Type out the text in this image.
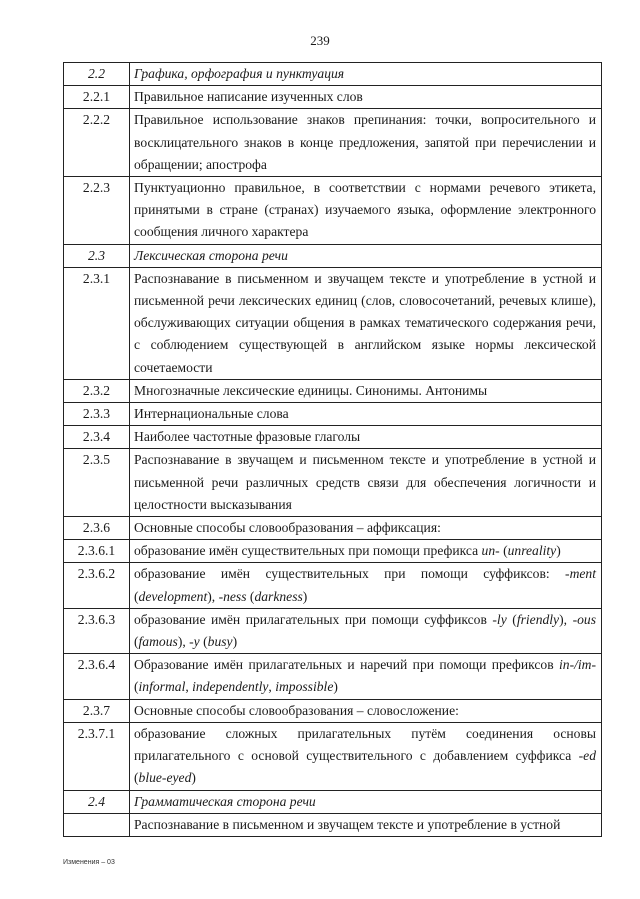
239
2.2	Графика, орфография и пунктуация
2.2.1	Правильное написание изученных слов
2.2.2	Правильное использование знаков препинания: точки, вопросительного и восклицательного знаков в конце предложения, запятой при перечислении и обращении; апострофа
2.2.3	Пунктуационно правильное, в соответствии с нормами речевого этикета, принятыми в стране (странах) изучаемого языка, оформление электронного сообщения личного характера
2.3	Лексическая сторона речи
2.3.1	Распознавание в письменном и звучащем тексте и употребление в устной и письменной речи лексических единиц (слов, словосочетаний, речевых клише), обслуживающих ситуации общения в рамках тематического содержания речи, с соблюдением существующей в английском языке нормы лексической сочетаемости
2.3.2	Многозначные лексические единицы. Синонимы. Антонимы
2.3.3	Интернациональные слова
2.3.4	Наиболее частотные фразовые глаголы
2.3.5	Распознавание в звучащем и письменном тексте и употребление в устной и письменной речи различных средств связи для обеспечения логичности и целостности высказывания
2.3.6	Основные способы словообразования – аффиксация:
2.3.6.1	образование имён существительных при помощи префикса un- (unreality)
2.3.6.2	образование имён существительных при помощи суффиксов: -ment (development), -ness (darkness)
2.3.6.3	образование имён прилагательных при помощи суффиксов -ly (friendly), -ous (famous), -y (busy)
2.3.6.4	Образование имён прилагательных и наречий при помощи префиксов in-/im- (informal, independently, impossible)
2.3.7	Основные способы словообразования – словосложение:
2.3.7.1	образование сложных прилагательных путём соединения основы прилагательного с основой существительного с добавлением суффикса -ed (blue-eyed)
2.4	Грамматическая сторона речи
	Распознавание в письменном и звучащем тексте и употребление в устной
Изменения – 03
